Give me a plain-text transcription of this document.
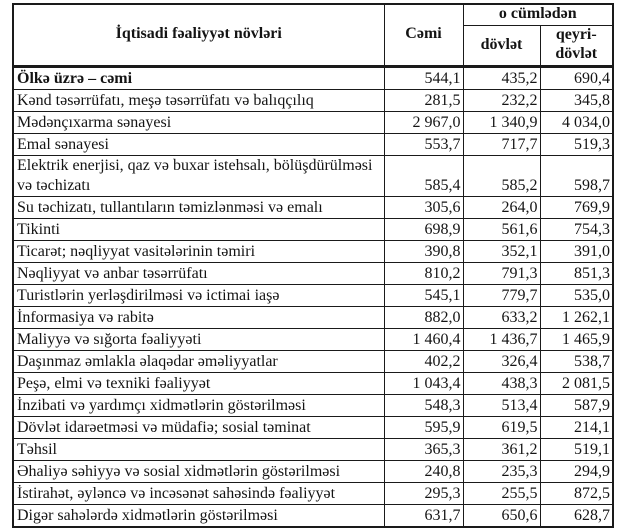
İqtisadi fəaliyyət növləri	Cəmi	o cümlədən	
		dövlət	qeyri-dövlət
Ölkə üzrə – cəmi	544,1	435,2	690,4
Kənd təsərrüfatı, meşə təsərrüfatı və balıqçılıq	281,5	232,2	345,8
Mədənçıxarma sənayesi	2 967,0	1 340,9	4 034,0
Emal sənayesi	553,7	717,7	519,3
Elektrik enerjisi, qaz və buxar istehsalı, bölüşdürülməsi və təchizatı	585,4	585,2	598,7
Su təchizatı, tullantıların təmizlənməsi və emalı	305,6	264,0	769,9
Tikinti	698,9	561,6	754,3
Ticarət; nəqliyyat vasitələrinin təmiri	390,8	352,1	391,0
Nəqliyyat və anbar təsərrüfatı	810,2	791,3	851,3
Turistlərin yerləşdirilməsi və ictimai iaşə	545,1	779,7	535,0
İnformasiya və rabitə	882,0	633,2	1 262,1
Maliyyə və sığorta fəaliyyəti	1 460,4	1 436,7	1 465,9
Daşınmaz əmlakla əlaqədar əməliyyatlar	402,2	326,4	538,7
Peşə, elmi və texniki fəaliyyət	1 043,4	438,3	2 081,5
İnzibati və yardımçı xidmətlərin göstərilməsi	548,3	513,4	587,9
Dövlət idarəetməsi və müdafiə; sosial təminat	595,9	619,5	214,1
Təhsil	365,3	361,2	519,1
Əhaliyə səhiyyə və sosial xidmətlərin göstərilməsi	240,8	235,3	294,9
İstirahət, əyləncə və incəsənət sahəsində fəaliyyət	295,3	255,5	872,5
Digər sahələrdə xidmətlərin göstərilməsi	631,7	650,6	628,7
